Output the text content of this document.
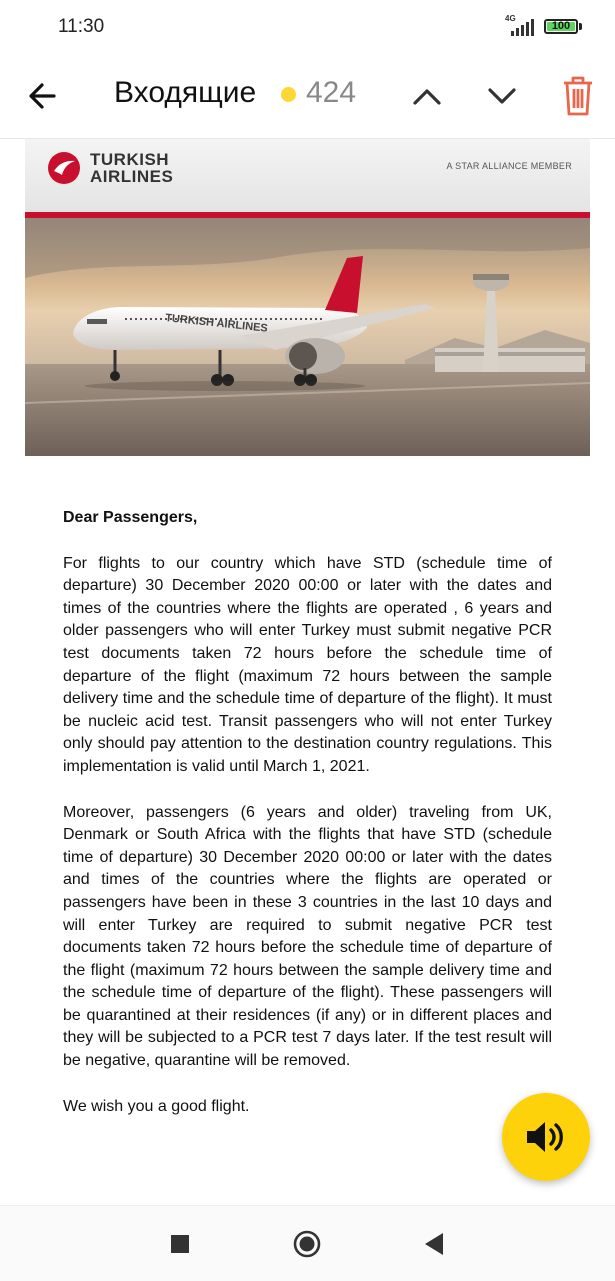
11:30	4G
100
Входящие 424
TURKISH
AIRLINES
A STAR ALLIANCE MEMBER
TURKISH AIRLINES

Dear Passengers,

For flights to our country which have STD (schedule time of departure) 30 December 2020 00:00 or later with the dates and times of the countries where the flights are operated , 6 years and older passengers who will enter Turkey must submit negative PCR test documents taken 72 hours before the schedule time of departure of the flight (maximum 72 hours between the sample delivery time and the schedule time of departure of the flight). It must be nucleic acid test. Transit passengers who will not enter Turkey only should pay attention to the destination country regulations. This implementation is valid until March 1, 2021.

Moreover, passengers (6 years and older) traveling from UK, Denmark or South Africa with the flights that have STD (schedule time of departure) 30 December 2020 00:00 or later with the dates and times of the countries where the flights are operated or passengers have been in these 3 countries in the last 10 days and will enter Turkey are required to submit negative PCR test documents taken 72 hours before the schedule time of departure of the flight (maximum 72 hours between the sample delivery time and the schedule time of departure of the flight). These passengers will be quarantined at their residences (if any) or in different places and they will be subjected to a PCR test 7 days later. If the test result will be negative, quarantine will be removed.

We wish you a good flight.
